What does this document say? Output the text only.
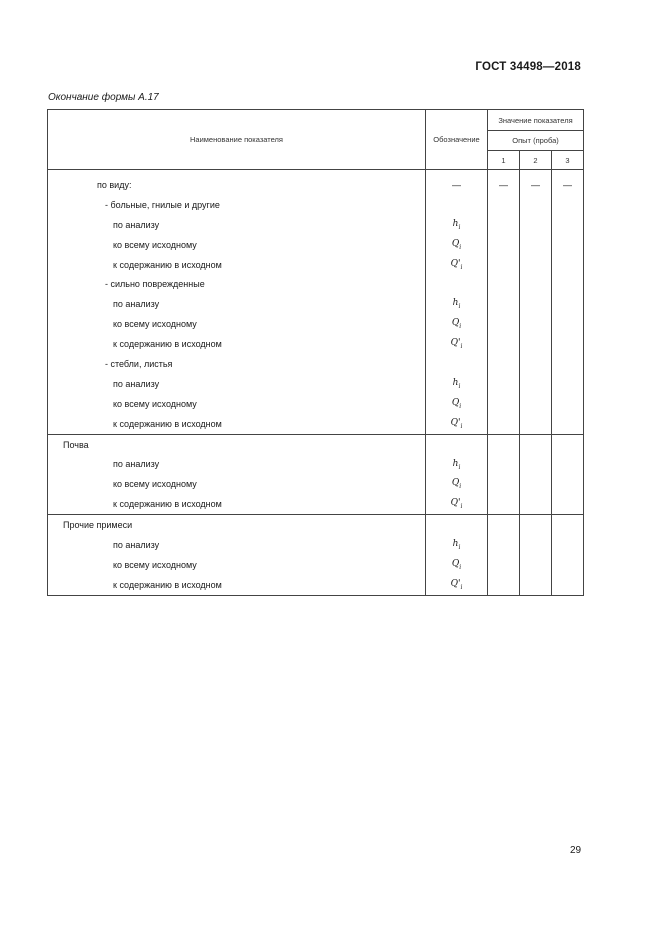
ГОСТ 34498—2018
Окончание формы А.17
Наименование показателя	Обозначение	Значение показателя		
		Опыт (проба)		
		1	2	3

по виду:	—	—	—	—
- больные, гнилые и другие				
по анализу	$h_i$			
ко всему исходному	$Q_i$			
к содержанию в исходном	$Q'_i$			
- сильно поврежденные				
по анализу	$h_i$			
ко всему исходному	$Q_i$			
к содержанию в исходном	$Q'_i$			
- стебли, листья				
по анализу	$h_i$			
ко всему исходному	$Q_i$			
к содержанию в исходном	$Q'_i$			
Почва				
по анализу	$h_i$			
ко всему исходному	$Q_i$			
к содержанию в исходном	$Q'_i$			
Прочие примеси				
по анализу	$h_i$			
ко всему исходному	$Q_i$			
к содержанию в исходном	$Q'_i$			
29
